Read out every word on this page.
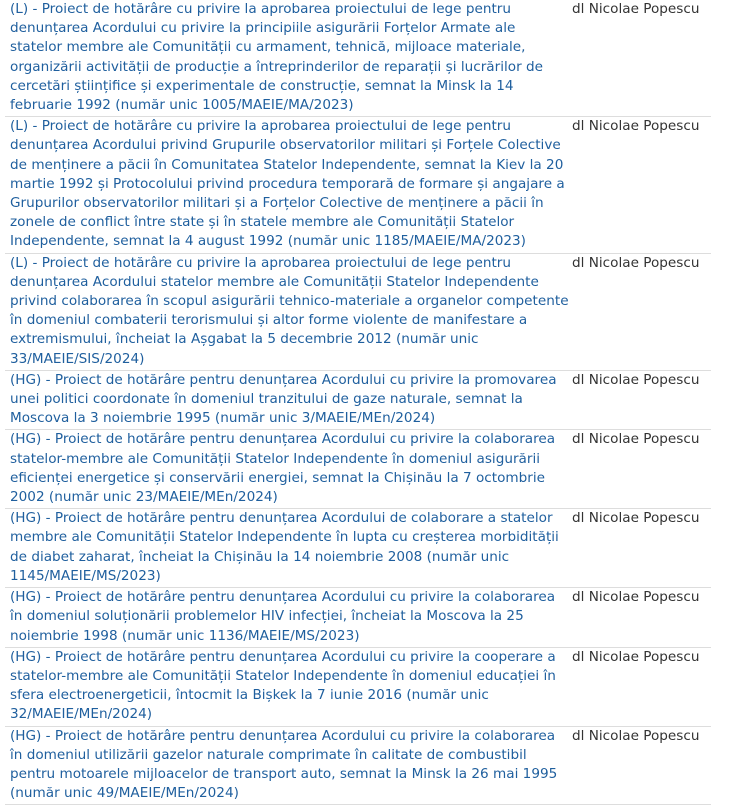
(L) - Proiect de hotărâre cu privire la aprobarea proiectului de lege pentru denunțarea Acordului cu privire la principiile asigurării Forțelor Armate ale statelor membre ale Comunității cu armament, tehnică, mijloace materiale, organizării activității de producție a întreprinderilor de reparații și lucrărilor de cercetări științifice și experimentale de construcție, semnat la Minsk la 14 februarie 1992 (număr unic 1005/MAEIE/MA/2023)	dl Nicolae Popescu
(L) - Proiect de hotărâre cu privire la aprobarea proiectului de lege pentru denunțarea Acordului privind Grupurile observatorilor militari și Forțele Colective de menținere a păcii în Comunitatea Statelor Independente, semnat la Kiev la 20 martie 1992 și Protocolului privind procedura temporară de formare și angajare a Grupurilor observatorilor militari și a Forțelor Colective de menținere a păcii în zonele de conflict între state și în statele membre ale Comunității Statelor Independente, semnat la 4 august 1992 (număr unic 1185/MAEIE/MA/2023)	dl Nicolae Popescu
(L) - Proiect de hotărâre cu privire la aprobarea proiectului de lege pentru denunțarea Acordului statelor membre ale Comunității Statelor Independente privind colaborarea în scopul asigurării tehnico-materiale a organelor competente în domeniul combaterii terorismului și altor forme violente de manifestare a extremismului, încheiat la Așgabat la 5 decembrie 2012 (număr unic 33/MAEIE/SIS/2024)	dl Nicolae Popescu
(HG) - Proiect de hotărâre pentru denunțarea Acordului cu privire la promovarea unei politici coordonate în domeniul tranzitului de gaze naturale, semnat la Moscova la 3 noiembrie 1995 (număr unic 3/MAEIE/MEn/2024)	dl Nicolae Popescu
(HG) - Proiect de hotărâre pentru denunțarea Acordului cu privire la colaborarea statelor-membre ale Comunității Statelor Independente în domeniul asigurării eficienței energetice și conservării energiei, semnat la Chișinău la 7 octombrie 2002 (număr unic 23/MAEIE/MEn/2024)	dl Nicolae Popescu
(HG) - Proiect de hotărâre pentru denunțarea Acordului de colaborare a statelor membre ale Comunității Statelor Independente în lupta cu creșterea morbidității de diabet zaharat, încheiat la Chișinău la 14 noiembrie 2008 (număr unic 1145/MAEIE/MS/2023)	dl Nicolae Popescu
(HG) - Proiect de hotărâre pentru denunțarea Acordului cu privire la colaborarea în domeniul soluționării problemelor HIV infecției, încheiat la Moscova la 25 noiembrie 1998 (număr unic 1136/MAEIE/MS/2023)	dl Nicolae Popescu
(HG) - Proiect de hotărâre pentru denunțarea Acordului cu privire la cooperare a statelor-membre ale Comunității Statelor Independente în domeniul educației în sfera electroenergeticii, întocmit la Bișkek la 7 iunie 2016 (număr unic 32/MAEIE/MEn/2024)	dl Nicolae Popescu
(HG) - Proiect de hotărâre pentru denunțarea Acordului cu privire la colaborarea în domeniul utilizării gazelor naturale comprimate în calitate de combustibil pentru motoarele mijloacelor de transport auto, semnat la Minsk la 26 mai 1995 (număr unic 49/MAEIE/MEn/2024)	dl Nicolae Popescu
